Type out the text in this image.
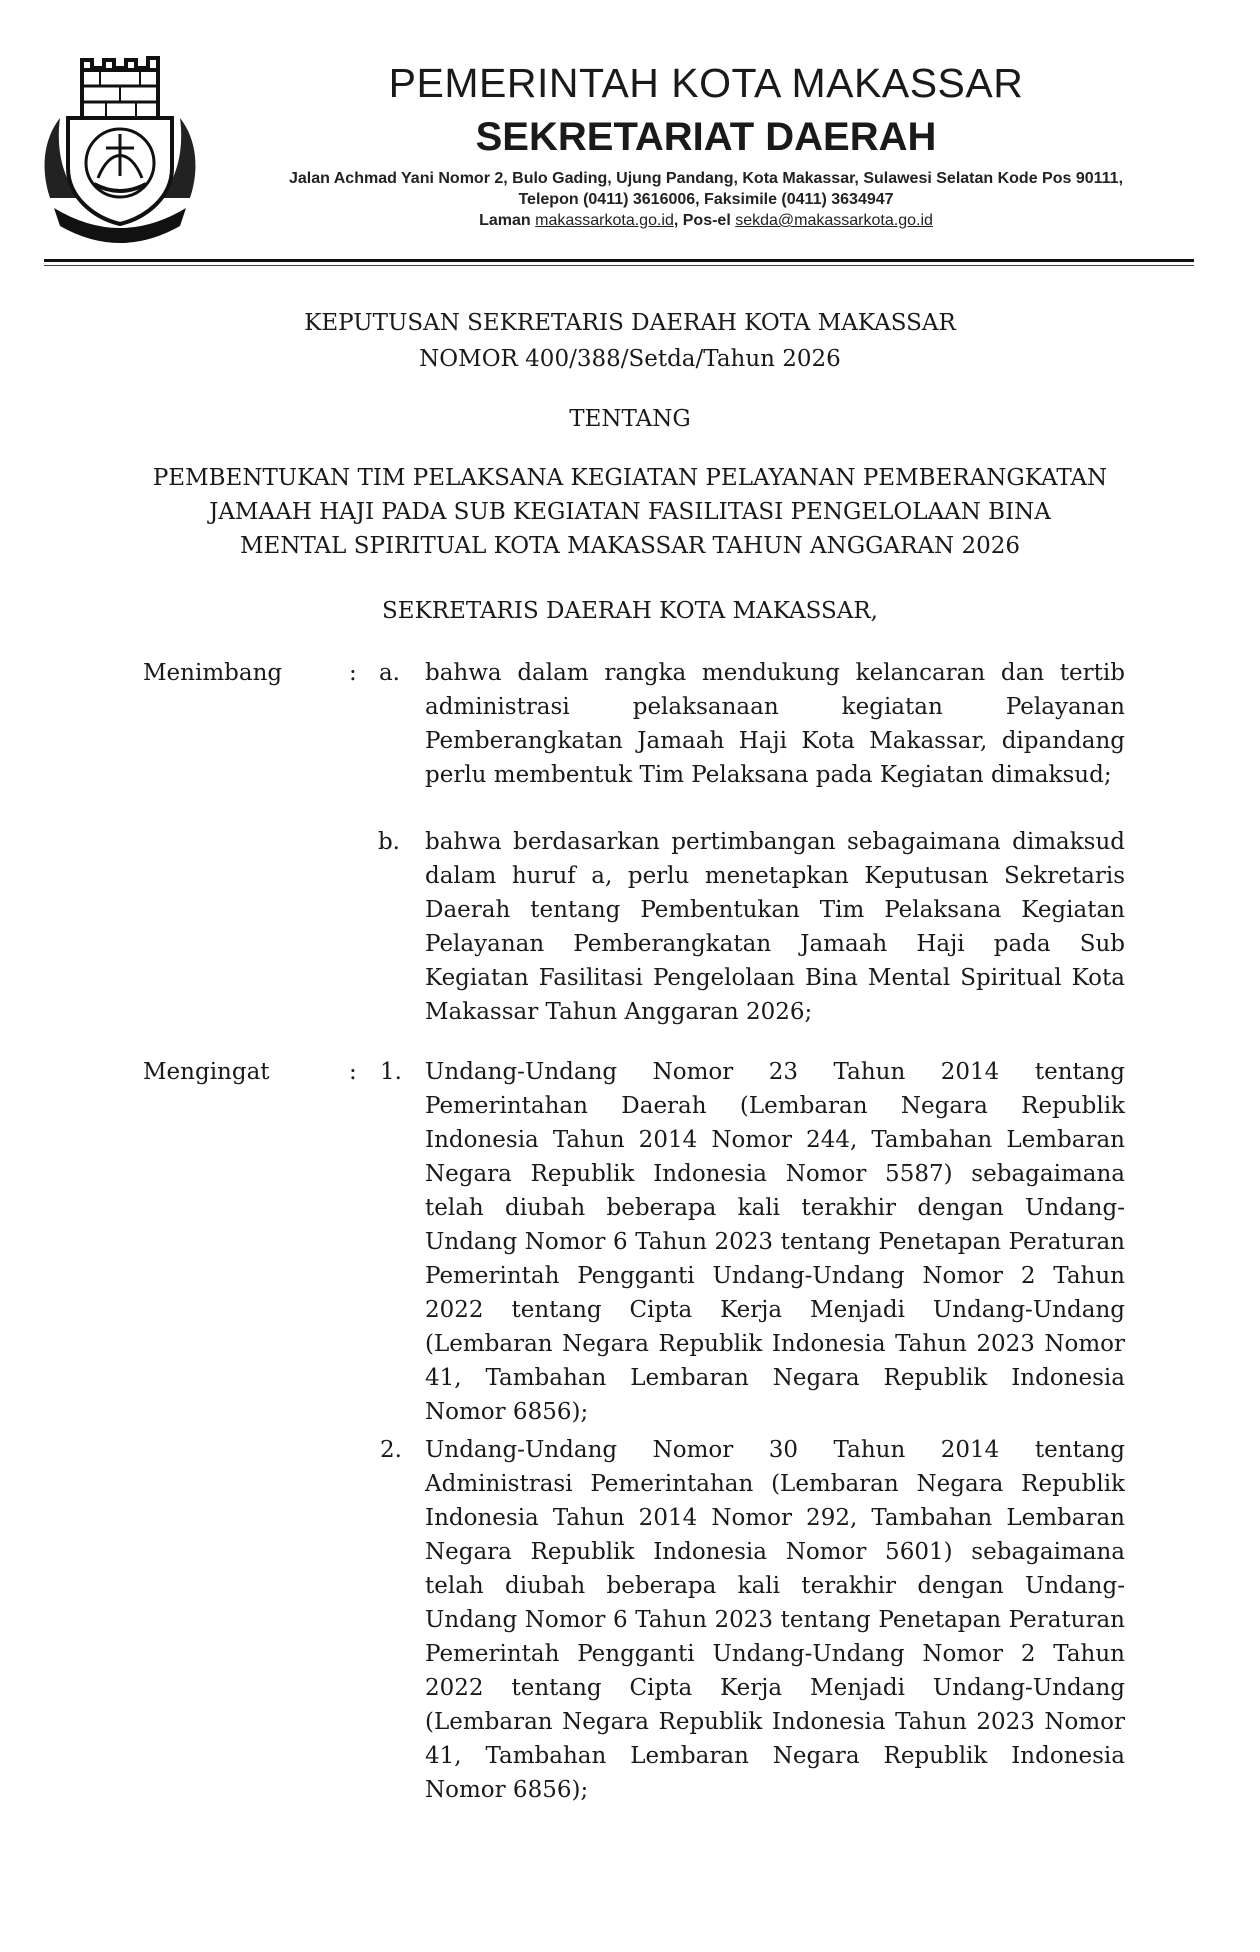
PEMERINTAH KOTA MAKASSAR
SEKRETARIAT DAERAH
Jalan Achmad Yani Nomor 2, Bulo Gading, Ujung Pandang, Kota Makassar, Sulawesi Selatan Kode Pos 90111,
Telepon (0411) 3616006, Faksimile (0411) 3634947
Laman makassarkota.go.id, Pos-el sekda@makassarkota.go.id
KEPUTUSAN SEKRETARIS DAERAH KOTA MAKASSAR
NOMOR 400/388/Setda/Tahun 2026
TENTANG
PEMBENTUKAN TIM PELAKSANA KEGIATAN PELAYANAN PEMBERANGKATAN
JAMAAH HAJI PADA SUB KEGIATAN FASILITASI PENGELOLAAN BINA
MENTAL SPIRITUAL KOTA MAKASSAR TAHUN ANGGARAN 2026
SEKRETARIS DAERAH KOTA MAKASSAR,
Menimbang	: a. bahwa dalam rangka mendukung kelancaran dan tertib administrasi pelaksanaan kegiatan Pelayanan Pemberangkatan Jamaah Haji Kota Makassar, dipandang perlu membentuk Tim Pelaksana pada Kegiatan dimaksud;
b. bahwa berdasarkan pertimbangan sebagaimana dimaksud dalam huruf a, perlu menetapkan Keputusan Sekretaris Daerah tentang Pembentukan Tim Pelaksana Kegiatan Pelayanan Pemberangkatan Jamaah Haji pada Sub Kegiatan Fasilitasi Pengelolaan Bina Mental Spiritual Kota Makassar Tahun Anggaran 2026;
Mengingat	:	1. Undang-Undang Nomor 23 Tahun 2014 tentang Pemerintahan Daerah (Lembaran Negara Republik Indonesia Tahun 2014 Nomor 244, Tambahan Lembaran Negara Republik Indonesia Nomor 5587) sebagaimana telah diubah beberapa kali terakhir dengan Undang-Undang Nomor 6 Tahun 2023 tentang Penetapan Peraturan Pemerintah Pengganti Undang-Undang Nomor 2 Tahun 2022 tentang Cipta Kerja Menjadi Undang-Undang (Lembaran Negara Republik Indonesia Tahun 2023 Nomor 41, Tambahan Lembaran Negara Republik Indonesia Nomor 6856);
2. Undang-Undang Nomor 30 Tahun 2014 tentang Administrasi Pemerintahan (Lembaran Negara Republik Indonesia Tahun 2014 Nomor 292, Tambahan Lembaran Negara Republik Indonesia Nomor 5601) sebagaimana telah diubah beberapa kali terakhir dengan Undang-Undang Nomor 6 Tahun 2023 tentang Penetapan Peraturan Pemerintah Pengganti Undang-Undang Nomor 2 Tahun 2022 tentang Cipta Kerja Menjadi Undang-Undang (Lembaran Negara Republik Indonesia Tahun 2023 Nomor 41, Tambahan Lembaran Negara Republik Indonesia Nomor 6856);
